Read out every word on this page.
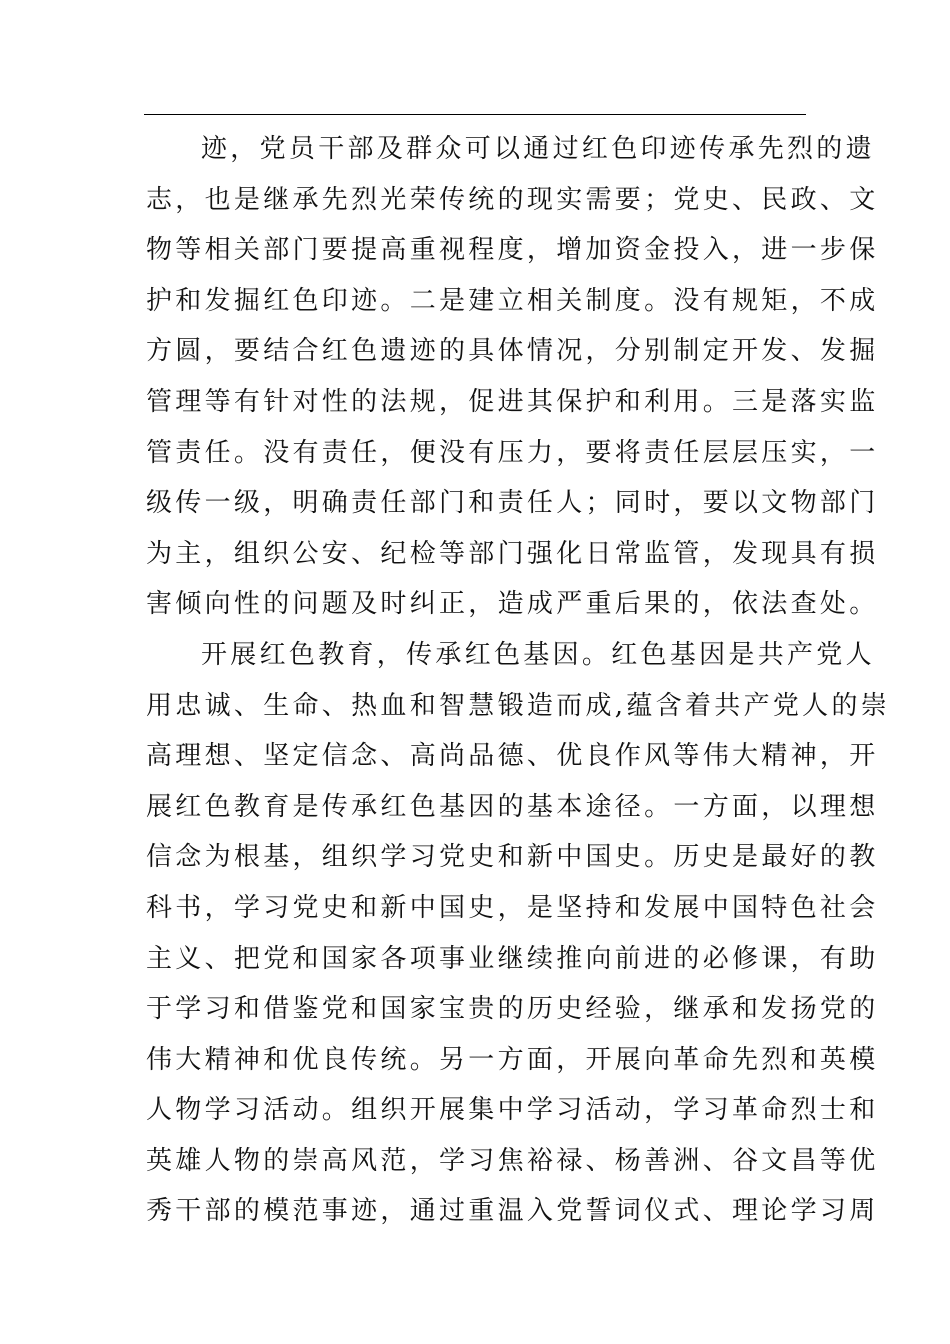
迹，党员干部及群众可以通过红色印迹传承先烈的遗
志，也是继承先烈光荣传统的现实需要；党史、民政、文
物等相关部门要提高重视程度，增加资金投入，进一步保
护和发掘红色印迹。二是建立相关制度。没有规矩，不成
方圆，要结合红色遗迹的具体情况，分别制定开发、发掘
管理等有针对性的法规，促进其保护和利用。三是落实监
管责任。没有责任，便没有压力，要将责任层层压实，一
级传一级，明确责任部门和责任人；同时，要以文物部门
为主，组织公安、纪检等部门强化日常监管，发现具有损
害倾向性的问题及时纠正，造成严重后果的，依法查处。
开展红色教育，传承红色基因。红色基因是共产党人
用忠诚、生命、热血和智慧锻造而成,蕴含着共产党人的崇
高理想、坚定信念、高尚品德、优良作风等伟大精神，开
展红色教育是传承红色基因的基本途径。一方面，以理想
信念为根基，组织学习党史和新中国史。历史是最好的教
科书，学习党史和新中国史，是坚持和发展中国特色社会
主义、把党和国家各项事业继续推向前进的必修课，有助
于学习和借鉴党和国家宝贵的历史经验，继承和发扬党的
伟大精神和优良传统。另一方面，开展向革命先烈和英模
人物学习活动。组织开展集中学习活动，学习革命烈士和
英雄人物的崇高风范，学习焦裕禄、杨善洲、谷文昌等优
秀干部的模范事迹，通过重温入党誓词仪式、理论学习周
